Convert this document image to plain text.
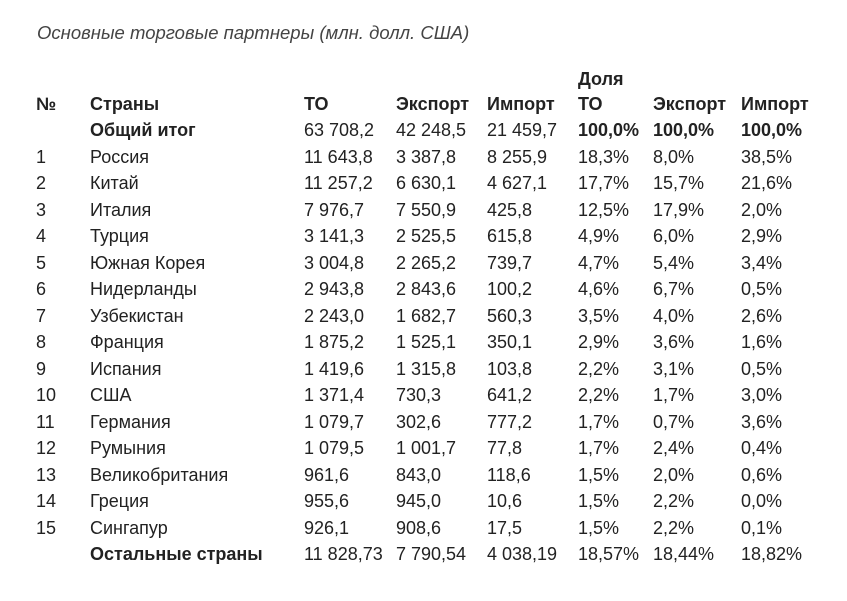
Основные торговые партнеры (млн. долл. США)
№	Страны	ТО	Экспорт	Импорт	Доля ТО	Экспорт	Импорт
	Общий итог	63 708,2	42 248,5	21 459,7	100,0%	100,0%	100,0%
1	Россия	11 643,8	3 387,8	8 255,9	18,3%	8,0%	38,5%
2	Китай	11 257,2	6 630,1	4 627,1	17,7%	15,7%	21,6%
3	Италия	7 976,7	7 550,9	425,8	12,5%	17,9%	2,0%
4	Турция	3 141,3	2 525,5	615,8	4,9%	6,0%	2,9%
5	Южная Корея	3 004,8	2 265,2	739,7	4,7%	5,4%	3,4%
6	Нидерланды	2 943,8	2 843,6	100,2	4,6%	6,7%	0,5%
7	Узбекистан	2 243,0	1 682,7	560,3	3,5%	4,0%	2,6%
8	Франция	1 875,2	1 525,1	350,1	2,9%	3,6%	1,6%
9	Испания	1 419,6	1 315,8	103,8	2,2%	3,1%	0,5%
10	США	1 371,4	730,3	641,2	2,2%	1,7%	3,0%
11	Германия	1 079,7	302,6	777,2	1,7%	0,7%	3,6%
12	Румыния	1 079,5	1 001,7	77,8	1,7%	2,4%	0,4%
13	Великобритания	961,6	843,0	118,6	1,5%	2,0%	0,6%
14	Греция	955,6	945,0	10,6	1,5%	2,2%	0,0%
15	Сингапур	926,1	908,6	17,5	1,5%	2,2%	0,1%
	Остальные страны	11 828,73	7 790,54	4 038,19	18,57%	18,44%	18,82%
